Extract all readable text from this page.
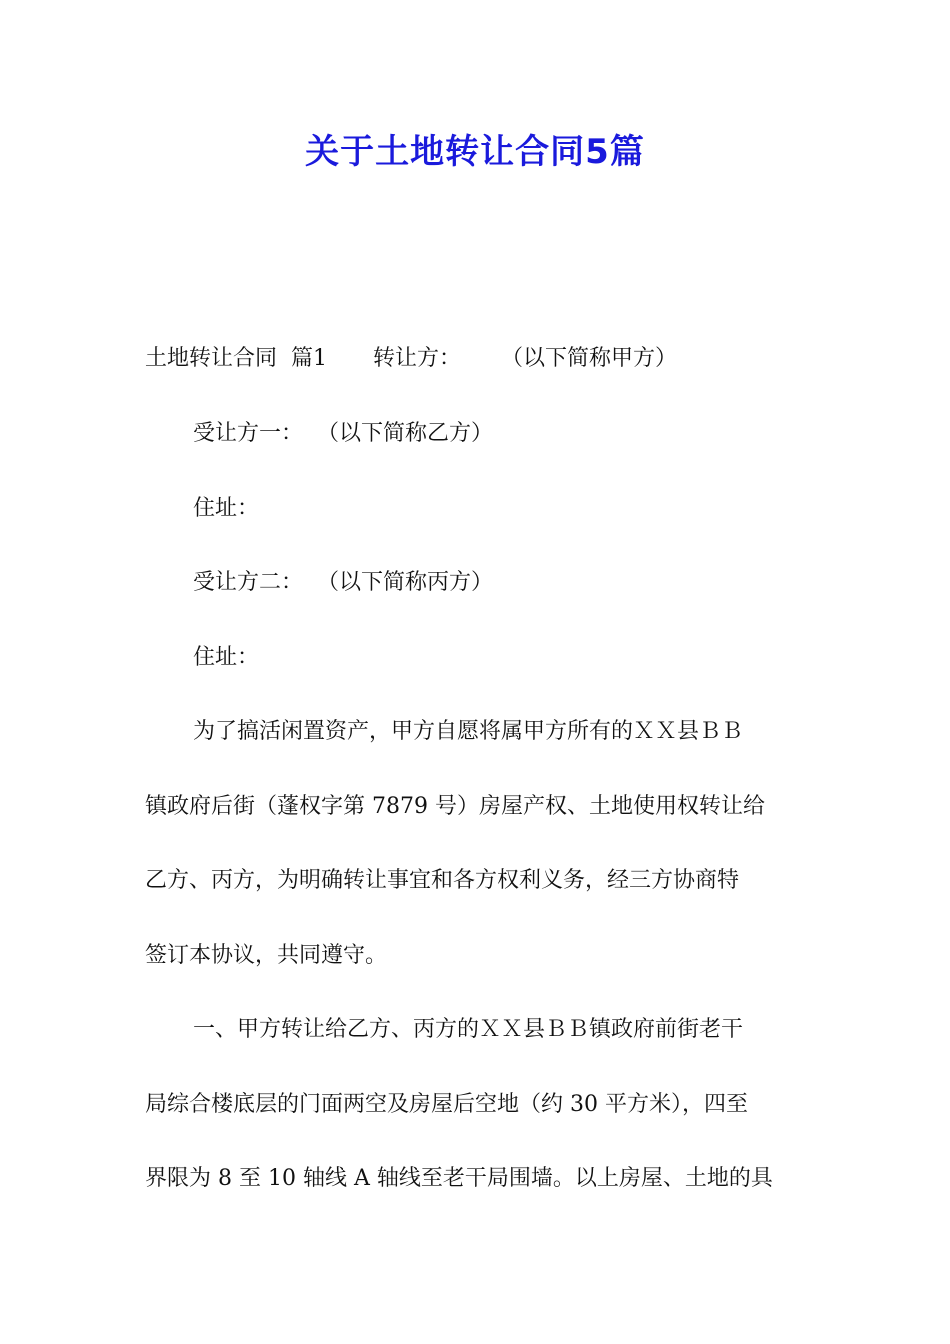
关于土地转让合同5篇
土地转让合同  篇1 转让方： （以下简称甲方）
受让方一：  （以下简称乙方）
住址：
受让方二：  （以下简称丙方）
住址：
为了搞活闲置资产，甲方自愿将属甲方所有的ＸＸ县ＢＢ
镇政府后街（蓬权字第 7879 号）房屋产权、土地使用权转让给
乙方、丙方，为明确转让事宜和各方权利义务，经三方协商特
签订本协议，共同遵守。
一、甲方转让给乙方、丙方的ＸＸ县ＢＢ镇政府前街老干
局综合楼底层的门面两空及房屋后空地（约 30 平方米），四至
界限为 8 至 10 轴线 A 轴线至老干局围墙。以上房屋、土地的具
